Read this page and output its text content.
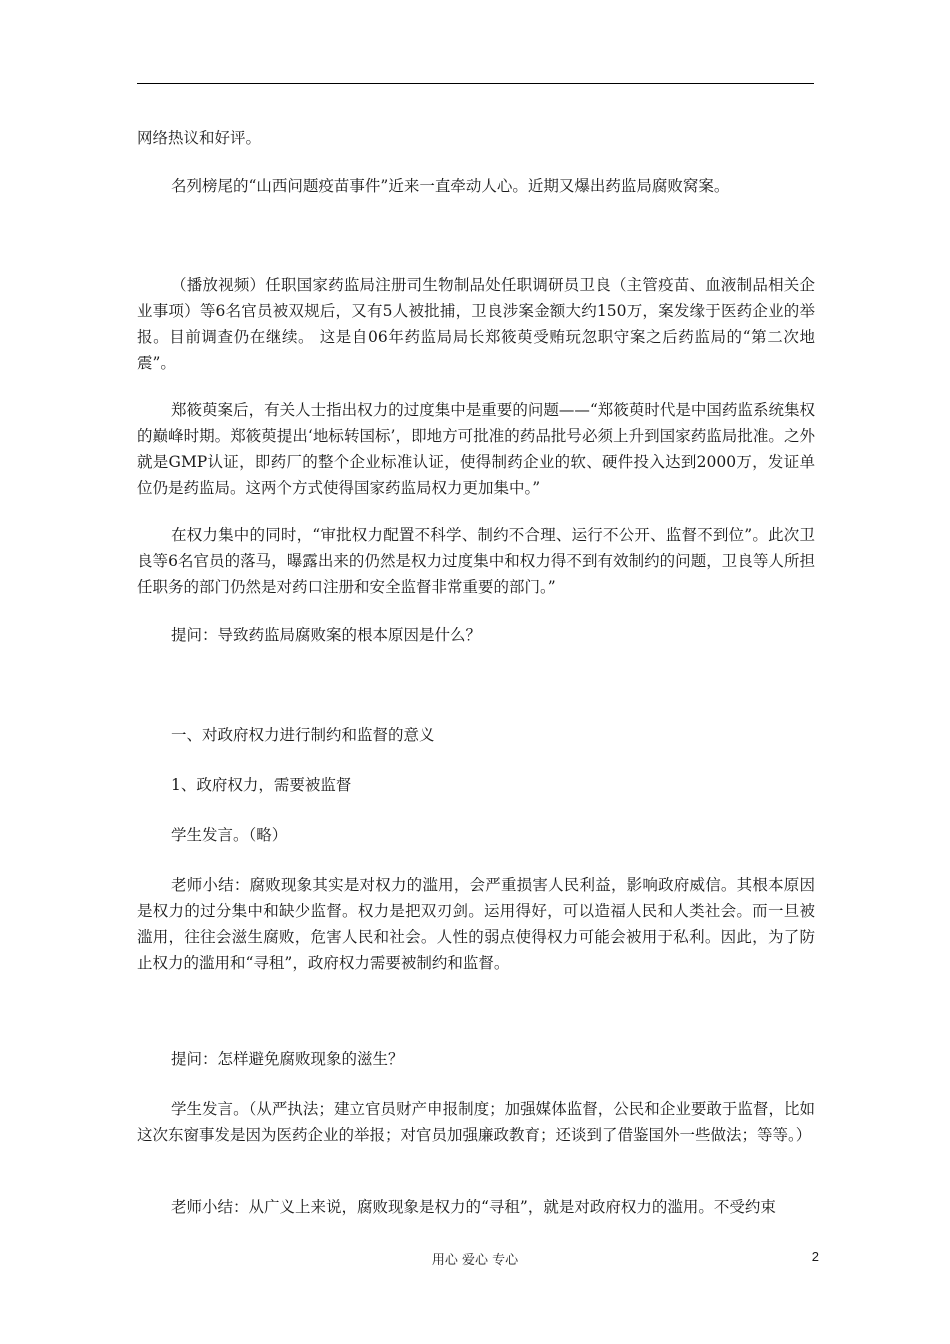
网络热议和好评。

名列榜尾的“山西问题疫苗事件”近来一直牵动人心。近期又爆出药监局腐败窝案。

（播放视频）任职国家药监局注册司生物制品处任职调研员卫良（主管疫苗、血液制品相关企业事项）等6名官员被双规后，又有5人被批捕，卫良涉案金额大约150万，案发缘于医药企业的举报。目前调查仍在继续。 这是自06年药监局局长郑筱萸受贿玩忽职守案之后药监局的“第二次地震”。

郑筱萸案后，有关人士指出权力的过度集中是重要的问题——“郑筱萸时代是中国药监系统集权的巅峰时期。郑筱萸提出‘地标转国标’，即地方可批准的药品批号必须上升到国家药监局批准。之外就是GMP认证，即药厂的整个企业标准认证，使得制药企业的软、硬件投入达到2000万，发证单位仍是药监局。这两个方式使得国家药监局权力更加集中。”

在权力集中的同时，“审批权力配置不科学、制约不合理、运行不公开、监督不到位”。此次卫良等6名官员的落马，曝露出来的仍然是权力过度集中和权力得不到有效制约的问题，卫良等人所担任职务的部门仍然是对药口注册和安全监督非常重要的部门。”

提问：导致药监局腐败案的根本原因是什么？

一、对政府权力进行制约和监督的意义

1、政府权力，需要被监督

学生发言。（略）

老师小结：腐败现象其实是对权力的滥用，会严重损害人民利益，影响政府威信。其根本原因是权力的过分集中和缺少监督。权力是把双刃剑。运用得好，可以造福人民和人类社会。而一旦被滥用，往往会滋生腐败，危害人民和社会。人性的弱点使得权力可能会被用于私利。因此，为了防止权力的滥用和“寻租”，政府权力需要被制约和监督。

提问：怎样避免腐败现象的滋生？

学生发言。（从严执法；建立官员财产申报制度；加强媒体监督，公民和企业要敢于监督，比如这次东窗事发是因为医药企业的举报；对官员加强廉政教育；还谈到了借鉴国外一些做法；等等。）

老师小结：从广义上来说，腐败现象是权力的“寻租”，就是对政府权力的滥用。不受约束

用心 爱心 专心	2
